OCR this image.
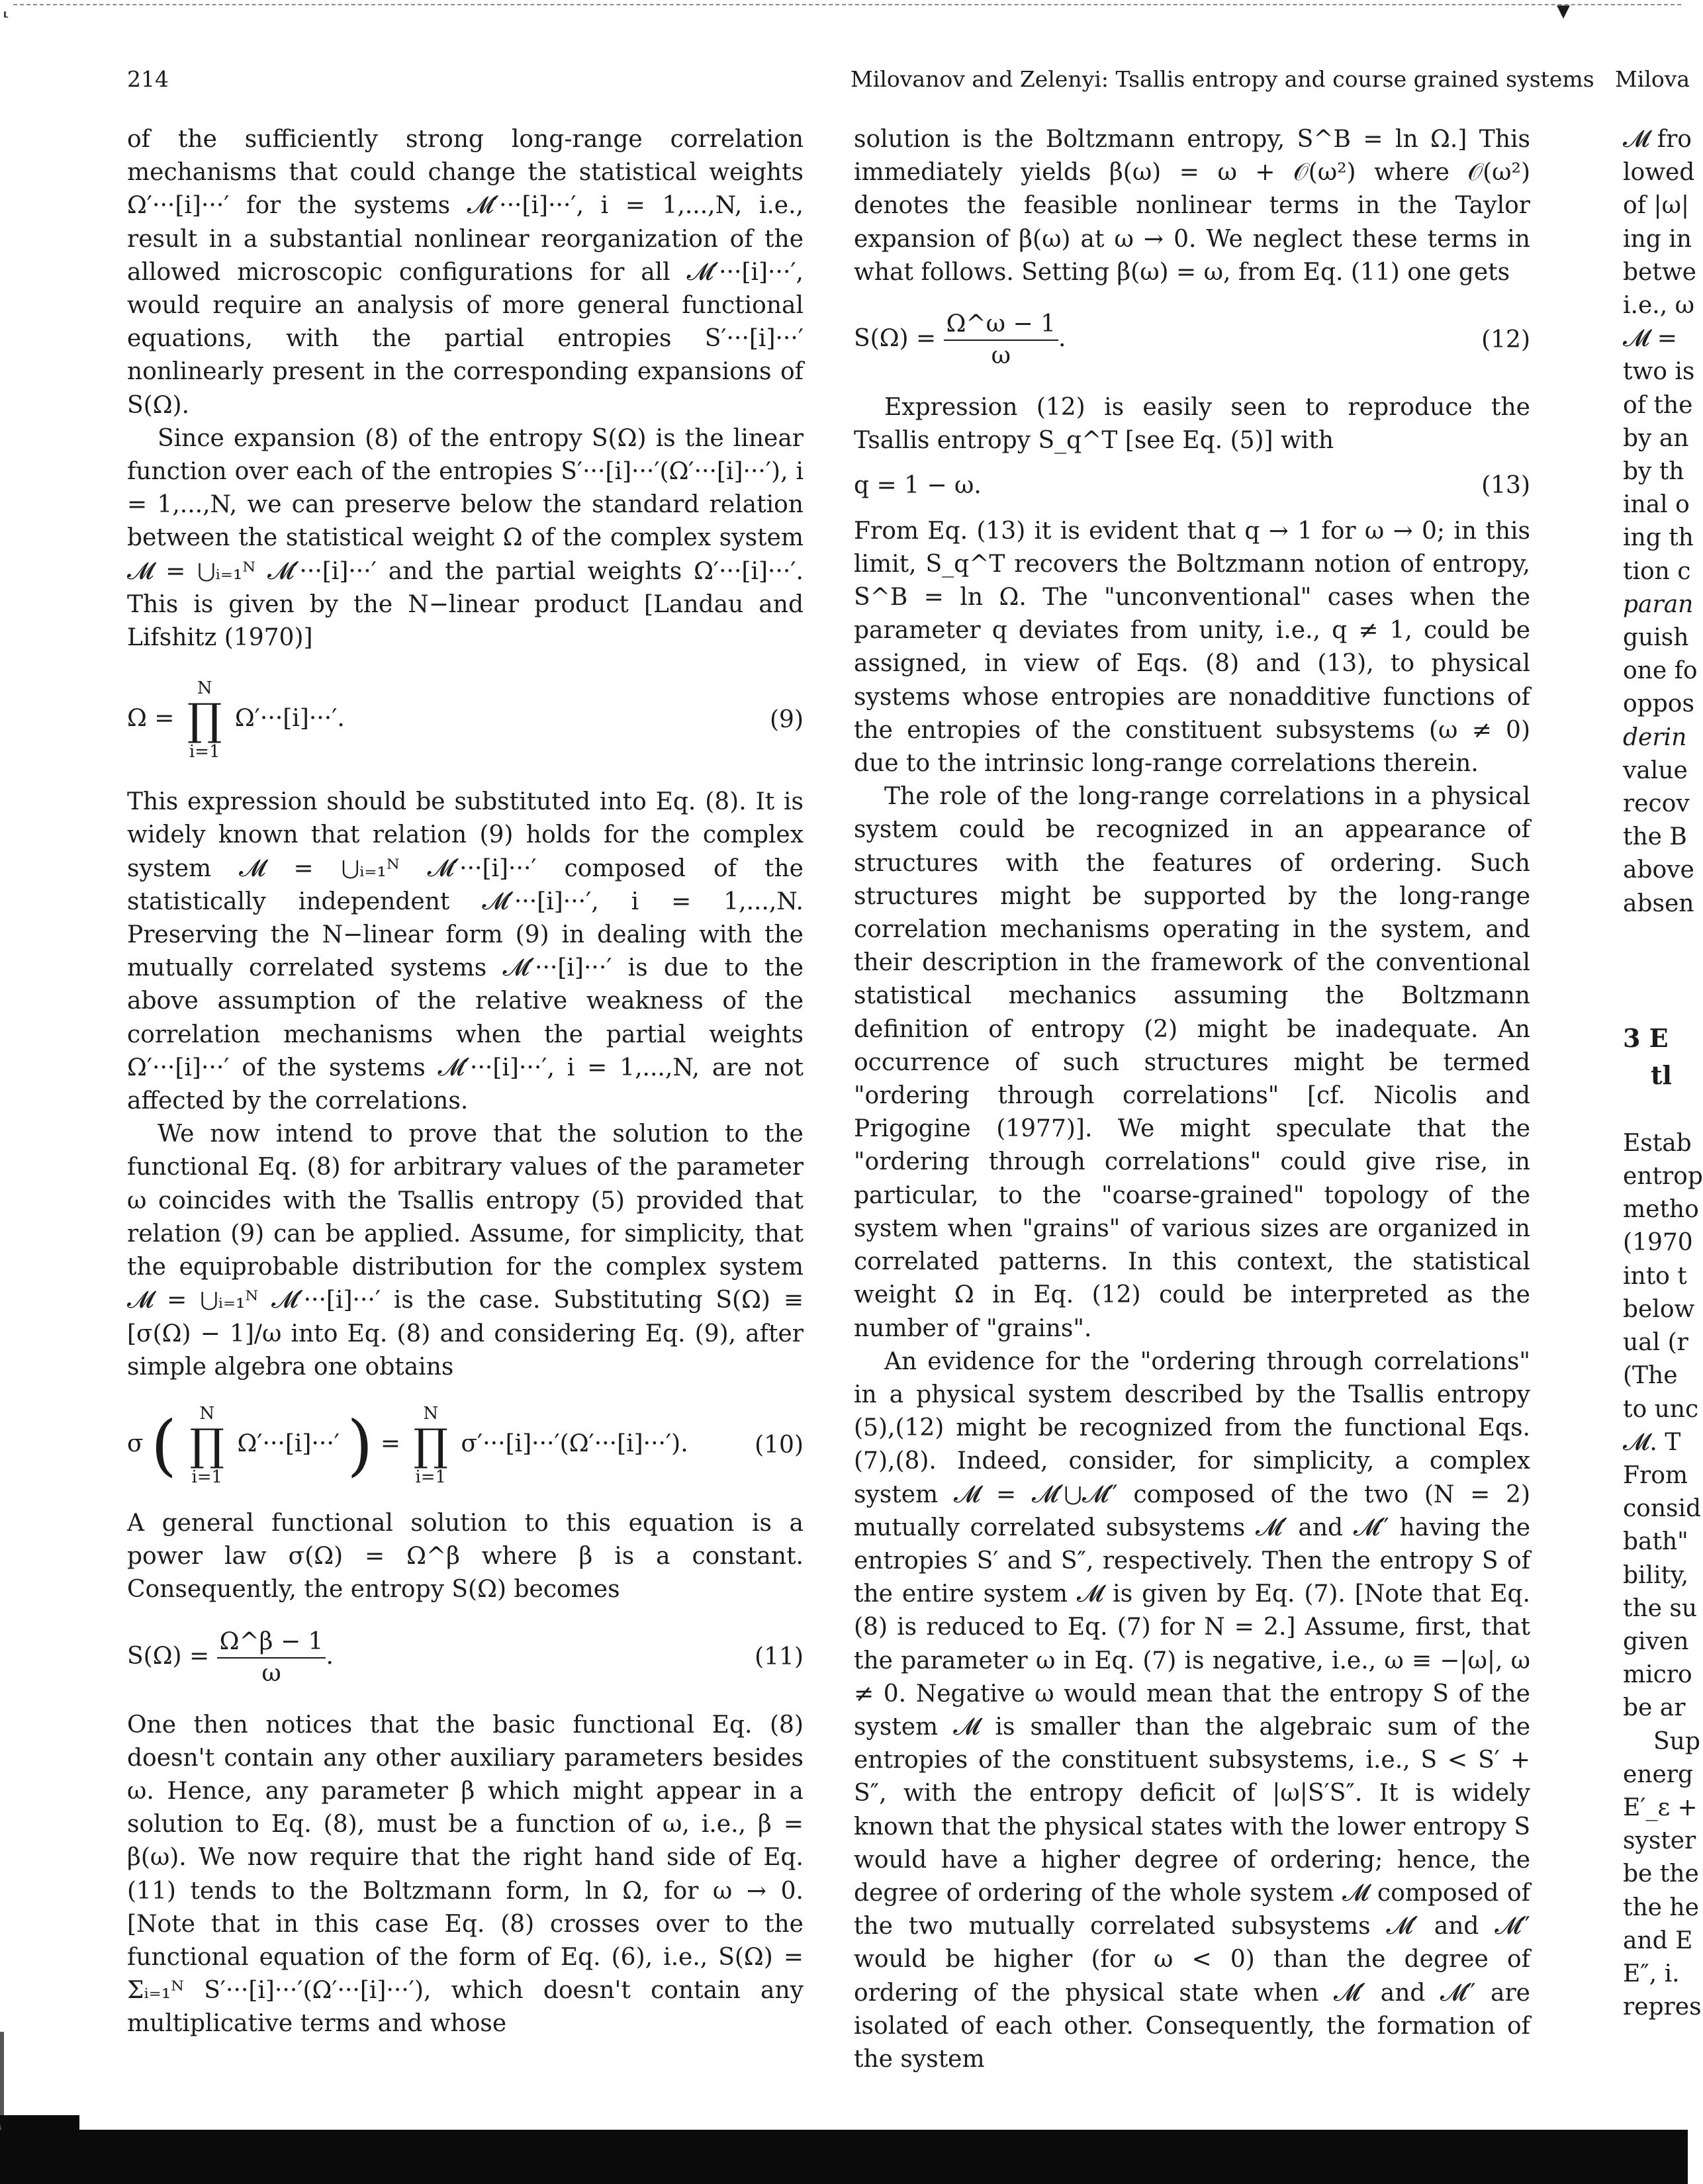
⸤	▼
214	Milovanov and Zelenyi: Tsallis entropy and course grained systems Milova

of the sufficiently strong long-range correlation mechanisms that could change the statistical weights Ω′···[i]···′ for the systems 𝓜′···[i]···′, i = 1,...,N, i.e., result in a substantial nonlinear reorganization of the allowed microscopic configurations for all 𝓜′···[i]···′, would require an analysis of more general functional equations, with the partial entropies S′···[i]···′ nonlinearly present in the corresponding expansions of S(Ω).

Since expansion (8) of the entropy S(Ω) is the linear function over each of the entropies S′···[i]···′(Ω′···[i]···′), i = 1,...,N, we can preserve below the standard relation between the statistical weight Ω of the complex system 𝓜 = ⋃ᵢ₌₁ᴺ 𝓜′···[i]···′ and the partial weights Ω′···[i]···′. This is given by the N−linear product [Landau and Lifshitz (1970)]

Ω =
N
∏
i=1
Ω′···[i]···′.	(9)

This expression should be substituted into Eq. (8). It is widely known that relation (9) holds for the complex system 𝓜 = ⋃ᵢ₌₁ᴺ 𝓜′···[i]···′ composed of the statistically independent 𝓜′···[i]···′, i = 1,...,N. Preserving the N−linear form (9) in dealing with the mutually correlated systems 𝓜′···[i]···′ is due to the above assumption of the relative weakness of the correlation mechanisms when the partial weights Ω′···[i]···′ of the systems 𝓜′···[i]···′, i = 1,...,N, are not affected by the correlations.

We now intend to prove that the solution to the functional Eq. (8) for arbitrary values of the parameter ω coincides with the Tsallis entropy (5) provided that relation (9) can be applied. Assume, for simplicity, that the equiprobable distribution for the complex system 𝓜 = ⋃ᵢ₌₁ᴺ 𝓜′···[i]···′ is the case. Substituting S(Ω) ≡ [σ(Ω) − 1]/ω into Eq. (8) and considering Eq. (9), after simple algebra one obtains

σ (	N
∏
i=1
Ω′···[i]···′ ) =
N
∏
i=1
σ′···[i]···′(Ω′···[i]···′).	(10)

A general functional solution to this equation is a power law σ(Ω) = Ω^β where β is a constant. Consequently, the entropy S(Ω) becomes

$S(\Omega) = \frac{\Omega\^{}\beta - 1}{\omega}$ .	(11)

One then notices that the basic functional Eq. (8) doesn't contain any other auxiliary parameters besides ω. Hence, any parameter β which might appear in a solution to Eq. (8), must be a function of ω, i.e., β = β(ω). We now require that the right hand side of Eq. (11) tends to the Boltzmann form, ln Ω, for ω → 0. [Note that in this case Eq. (8) crosses over to the functional equation of the form of Eq. (6), i.e., S(Ω) = Σᵢ₌₁ᴺ S′···[i]···′(Ω′···[i]···′), which doesn't contain any multiplicative terms and whose

solution is the Boltzmann entropy, S^B = ln Ω.] This immediately yields β(ω) = ω + 𝒪(ω²) where 𝒪(ω²) denotes the feasible nonlinear terms in the Taylor expansion of β(ω) at ω → 0. We neglect these terms in what follows. Setting β(ω) = ω, from Eq. (11) one gets

$S(\Omega) = \frac{\Omega\^{}\omega - 1}{\omega}$ .	(12)

Expression (12) is easily seen to reproduce the Tsallis entropy S_q^T [see Eq. (5)] with

q = 1 − ω.	(13)

From Eq. (13) it is evident that q → 1 for ω → 0; in this limit, S_q^T recovers the Boltzmann notion of entropy, S^B = ln Ω. The "unconventional" cases when the parameter q deviates from unity, i.e., q ≠ 1, could be assigned, in view of Eqs. (8) and (13), to physical systems whose entropies are nonadditive functions of the entropies of the constituent subsystems (ω ≠ 0) due to the intrinsic long-range correlations therein.

The role of the long-range correlations in a physical system could be recognized in an appearance of structures with the features of ordering. Such structures might be supported by the long-range correlation mechanisms operating in the system, and their description in the framework of the conventional statistical mechanics assuming the Boltzmann definition of entropy (2) might be inadequate. An occurrence of such structures might be termed "ordering through correlations" [cf. Nicolis and Prigogine (1977)]. We might speculate that the "ordering through correlations" could give rise, in particular, to the "coarse-grained" topology of the system when "grains" of various sizes are organized in correlated patterns. In this context, the statistical weight Ω in Eq. (12) could be interpreted as the number of "grains".

An evidence for the "ordering through correlations" in a physical system described by the Tsallis entropy (5),(12) might be recognized from the functional Eqs. (7),(8). Indeed, consider, for simplicity, a complex system 𝓜 = 𝓜′⋃𝓜″ composed of the two (N = 2) mutually correlated subsystems 𝓜′ and 𝓜″ having the entropies S′ and S″, respectively. Then the entropy S of the entire system 𝓜 is given by Eq. (7). [Note that Eq. (8) is reduced to Eq. (7) for N = 2.] Assume, first, that the parameter ω in Eq. (7) is negative, i.e., ω ≡ −|ω|, ω ≠ 0. Negative ω would mean that the entropy S of the system 𝓜 is smaller than the algebraic sum of the entropies of the constituent subsystems, i.e., S < S′ + S″, with the entropy deficit of |ω|S′S″. It is widely known that the physical states with the lower entropy S would have a higher degree of ordering; hence, the degree of ordering of the whole system 𝓜 composed of the two mutually correlated subsystems 𝓜′ and 𝓜″ would be higher (for ω < 0) than the degree of ordering of the physical state when 𝓜′ and 𝓜″ are isolated of each other. Consequently, the formation of the system

𝓜 fro
lowed
of |ω|
ing in
betwe
i.e., ω
𝓜 =
two is
of the
by an
by th
inal o
ing th
tion c
paran
guish
one fo
oppos
derin
value
recov
the B
above
absen
3 E
tl
Estab
entrop
metho
(1970
into t
below
ual (r
(The
to unc
𝓜. T
From
consid
bath"
bility,
the su
given
micro
be ar
Sup
energ
E′_ε +
syster
be the
the he
and E
E″, i.
repres
